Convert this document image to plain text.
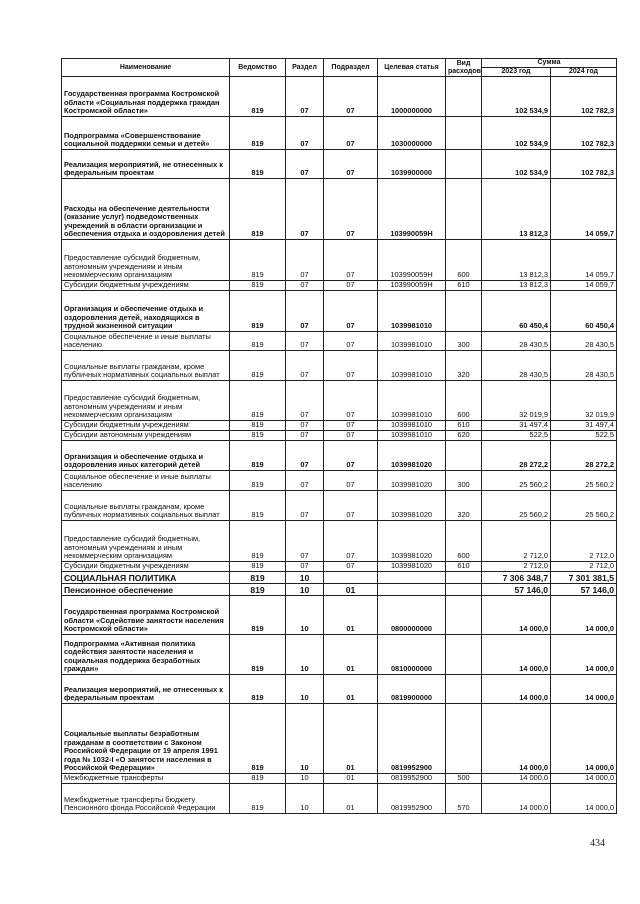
Наименование	Ведомство	Раздел	Подраздел	Целевая статья	Вид расходов	Сумма	
						2023 год	2024 год
Государственная программа Костромской области «Социальная поддержка граждан Костромской области»	819	07	07	1000000000		102 534,9	102 782,3
Подпрограмма «Совершенствование социальной поддержки семьи и детей»	819	07	07	1030000000		102 534,9	102 782,3
Реализация мероприятий, не отнесенных к федеральным проектам	819	07	07	1039900000		102 534,9	102 782,3
Расходы на обеспечение деятельности (оказание услуг) подведомственных учреждений в области организации и обеспечения отдыха и оздоровления детей	819	07	07	103990059Н		13 812,3	14 059,7
Предоставление субсидий бюджетным, автономным учреждениям и иным некоммерческим организациям	819	07	07	103990059Н	600	13 812,3	14 059,7
Субсидии бюджетным учреждениям	819	07	07	103990059Н	610	13 812,3	14 059,7
Организация и обеспечение отдыха и оздоровления детей, находящихся в трудной жизненной ситуации	819	07	07	1039981010		60 450,4	60 450,4
Социальное обеспечение и иные выплаты населению	819	07	07	1039981010	300	28 430,5	28 430,5
Социальные выплаты гражданам, кроме публичных нормативных социальных выплат	819	07	07	1039981010	320	28 430,5	28 430,5
Предоставление субсидий бюджетным, автономным учреждениям и иным некоммерческим организациям	819	07	07	1039981010	600	32 019,9	32 019,9
Субсидии бюджетным учреждениям	819	07	07	1039981010	610	31 497,4	31 497,4
Субсидии автономным учреждениям	819	07	07	1039981010	620	522,5	522,5
Организация и обеспечение отдыха и оздоровления иных категорий детей	819	07	07	1039981020		28 272,2	28 272,2
Социальное обеспечение и иные выплаты населению	819	07	07	1039981020	300	25 560,2	25 560,2
Социальные выплаты гражданам, кроме публичных нормативных социальных выплат	819	07	07	1039981020	320	25 560,2	25 560,2
Предоставление субсидий бюджетным, автономным учреждениям и иным некоммерческим организациям	819	07	07	1039981020	600	2 712,0	2 712,0
Субсидии бюджетным учреждениям	819	07	07	1039981020	610	2 712,0	2 712,0
СОЦИАЛЬНАЯ ПОЛИТИКА	819	10				7 306 348,7	7 301 381,5
Пенсионное обеспечение	819	10	01			57 146,0	57 146,0
Государственная программа Костромской области «Содействие занятости населения Костромской области»	819	10	01	0800000000		14 000,0	14 000,0
Подпрограмма «Активная политика содействия занятости населения и социальная поддержка безработных граждан»	819	10	01	0810000000		14 000,0	14 000,0
Реализация мероприятий, не отнесенных к федеральным проектам	819	10	01	0819900000		14 000,0	14 000,0
Социальные выплаты безработным гражданам в соответствии с Законом Российской Федерации от 19 апреля 1991 года № 1032-I «О занятости населения в Российской Федерации»	819	10	01	0819952900		14 000,0	14 000,0
Межбюджетные трансферты	819	10	01	0819952900	500	14 000,0	14 000,0
Межбюджетные трансферты бюджету Пенсионного фонда Российской Федерации	819	10	01	0819952900	570	14 000,0	14 000,0
434
